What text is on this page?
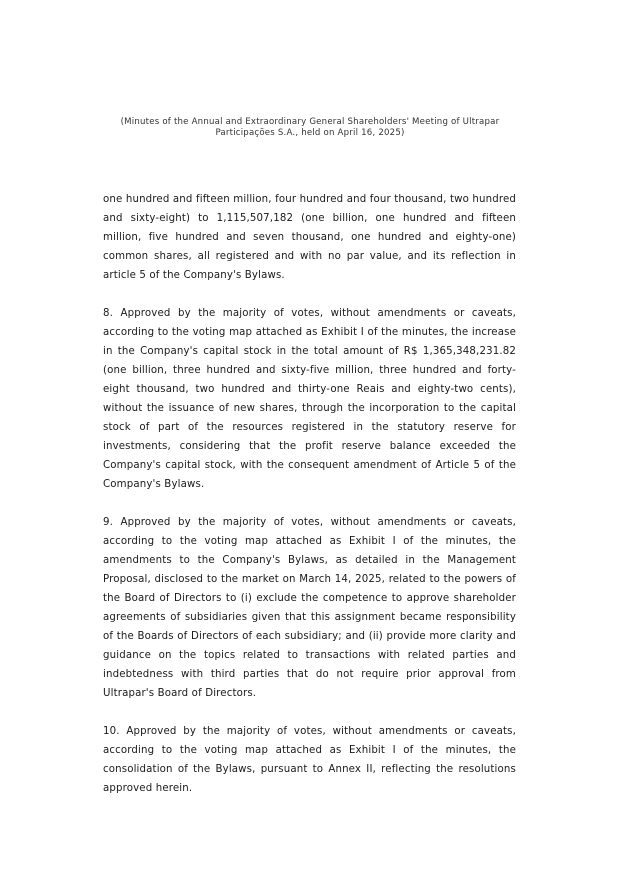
(Minutes of the Annual and Extraordinary General Shareholders' Meeting of Ultrapar
Participações S.A., held on April 16, 2025)

one hundred and fifteen million, four hundred and four thousand, two hundred and sixty-eight) to 1,115,507,182 (one billion, one hundred and fifteen million, five hundred and seven thousand, one hundred and eighty-one) common shares, all registered and with no par value, and its reflection in article 5 of the Company's Bylaws.

8. Approved by the majority of votes, without amendments or caveats, according to the voting map attached as Exhibit I of the minutes, the increase in the Company's capital stock in the total amount of R$ 1,365,348,231.82 (one billion, three hundred and sixty-five million, three hundred and forty-eight thousand, two hundred and thirty-one Reais and eighty-two cents), without the issuance of new shares, through the incorporation to the capital stock of part of the resources registered in the statutory reserve for investments, considering that the profit reserve balance exceeded the Company's capital stock, with the consequent amendment of Article 5 of the Company's Bylaws.

9. Approved by the majority of votes, without amendments or caveats, according to the voting map attached as Exhibit I of the minutes, the amendments to the Company's Bylaws, as detailed in the Management Proposal, disclosed to the market on March 14, 2025, related to the powers of the Board of Directors to (i) exclude the competence to approve shareholder agreements of subsidiaries given that this assignment became responsibility of the Boards of Directors of each subsidiary; and (ii) provide more clarity and guidance on the topics related to transactions with related parties and indebtedness with third parties that do not require prior approval from Ultrapar's Board of Directors.

10. Approved by the majority of votes, without amendments or caveats, according to the voting map attached as Exhibit I of the minutes, the consolidation of the Bylaws, pursuant to Annex II, reflecting the resolutions approved herein.
